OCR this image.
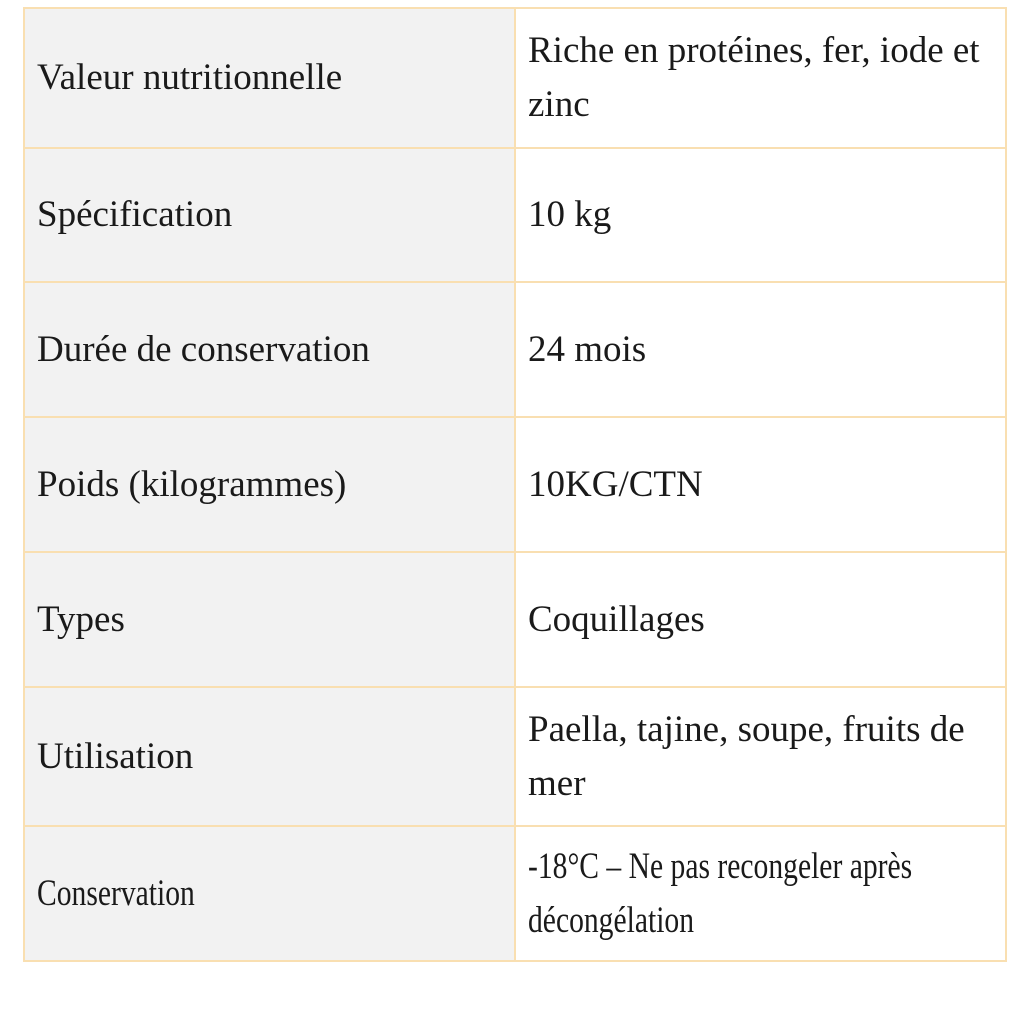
Valeur nutritionnelle	Riche en protéines, fer, iode et zinc
Spécification	10 kg
Durée de conservation	24 mois
Poids (kilogrammes)	10KG/CTN
Types	Coquillages
Utilisation	Paella, tajine, soupe, fruits de mer
Conservation	-18°C – Ne pas recongeler après décongélation
